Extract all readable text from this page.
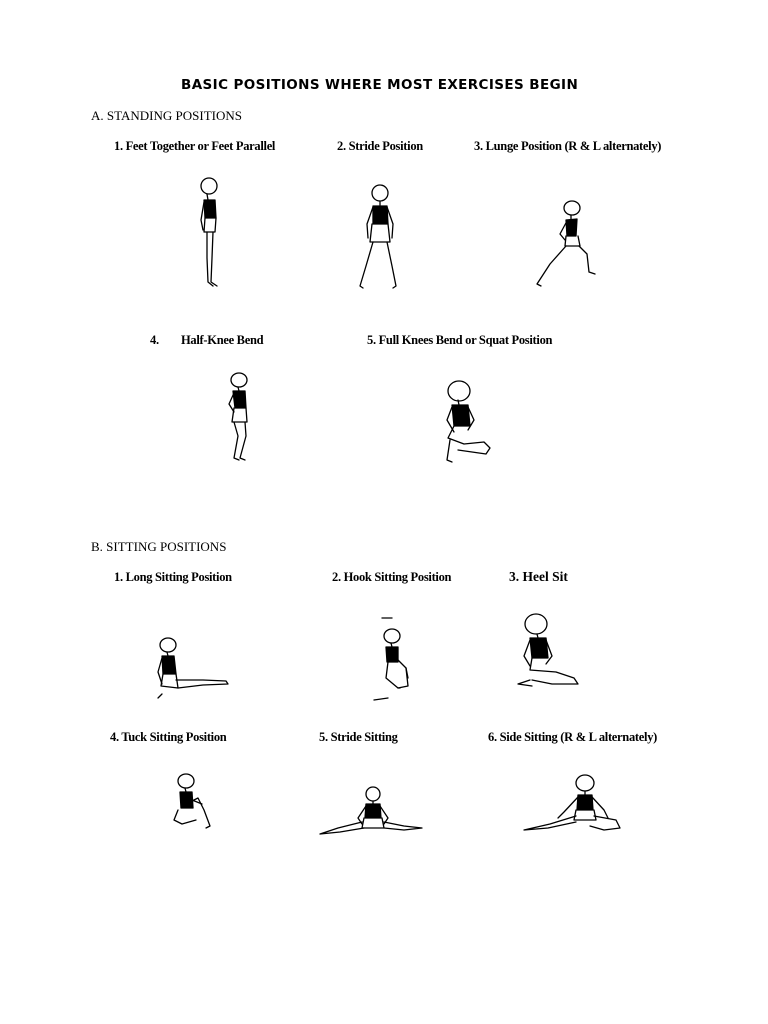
BASIC POSITIONS WHERE MOST EXERCISES BEGIN
A. STANDING POSITIONS
1. Feet Together or Feet Parallel	2. Stride Position	3. Lunge Position (R & L alternately)
4. Half-Knee Bend	5. Full Knees Bend or Squat Position
B. SITTING POSITIONS
1. Long Sitting Position	2. Hook Sitting Position	3. Heel Sit
4. Tuck Sitting Position	5. Stride Sitting	6. Side Sitting (R & L alternately)
